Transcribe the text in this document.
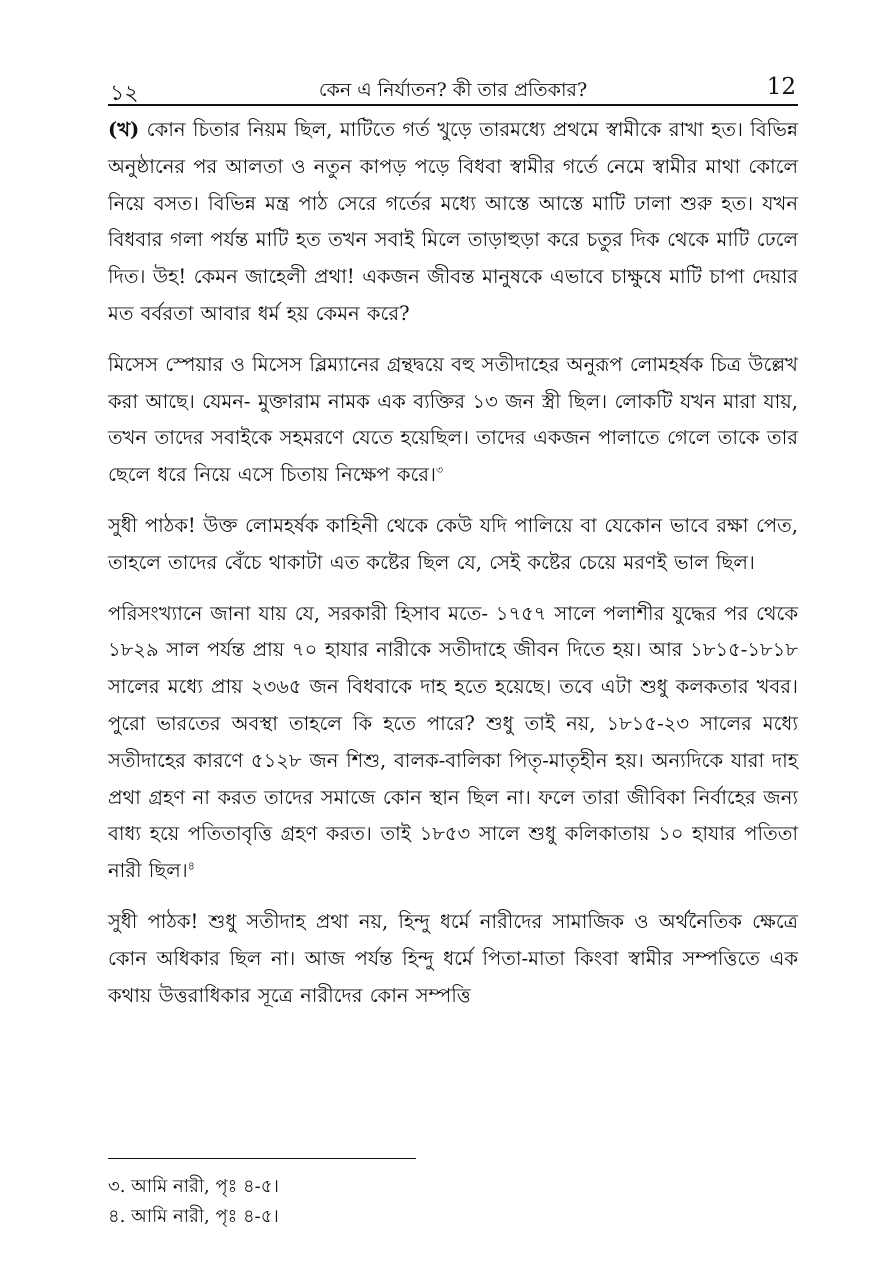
১২	কেন এ নির্যাতন? কী তার প্রতিকার?	12

(খ) কোন চিতার নিয়ম ছিল, মাটিতে গর্ত খুড়ে তারমধ্যে প্রথমে স্বামীকে রাখা হত। বিভিন্ন অনুষ্ঠানের পর আলতা ও নতুন কাপড় পড়ে বিধবা স্বামীর গর্তে নেমে স্বামীর মাথা কোলে নিয়ে বসত। বিভিন্ন মন্ত্র পাঠ সেরে গর্তের মধ্যে আস্তে আস্তে মাটি ঢালা শুরু হত। যখন বিধবার গলা পর্যন্ত মাটি হত তখন সবাই মিলে তাড়াহুড়া করে চতুর দিক থেকে মাটি ঢেলে দিত। উহ! কেমন জাহেলী প্রথা! একজন জীবন্ত মানুষকে এভাবে চাক্ষুষে মাটি চাপা দেয়ার মত বর্বরতা আবার ধর্ম হয় কেমন করে?

মিসেস স্পেয়ার ও মিসেস ব্লিম্যানের গ্রন্থদ্বয়ে বহু সতীদাহের অনুরূপ লোমহর্ষক চিত্র উল্লেখ করা আছে। যেমন- মুক্তারাম নামক এক ব্যক্তির ১৩ জন স্ত্রী ছিল। লোকটি যখন মারা যায়, তখন তাদের সবাইকে সহমরণে যেতে হয়েছিল। তাদের একজন পালাতে গেলে তাকে তার ছেলে ধরে নিয়ে এসে চিতায় নিক্ষেপ করে।$^৩$

সুধী পাঠক! উক্ত লোমহর্ষক কাহিনী থেকে কেউ যদি পালিয়ে বা যেকোন ভাবে রক্ষা পেত, তাহলে তাদের বেঁচে থাকাটা এত কষ্টের ছিল যে, সেই কষ্টের চেয়ে মরণই ভাল ছিল।

পরিসংখ্যানে জানা যায় যে, সরকারী হিসাব মতে- ১৭৫৭ সালে পলাশীর যুদ্ধের পর থেকে ১৮২৯ সাল পর্যন্ত প্রায় ৭০ হাযার নারীকে সতীদাহে জীবন দিতে হয়। আর ১৮১৫-১৮১৮ সালের মধ্যে প্রায় ২৩৬৫ জন বিধবাকে দাহ হতে হয়েছে। তবে এটা শুধু কলকতার খবর। পুরো ভারতের অবস্থা তাহলে কি হতে পারে? শুধু তাই নয়, ১৮১৫-২৩ সালের মধ্যে সতীদাহের কারণে ৫১২৮ জন শিশু, বালক-বালিকা পিতৃ-মাতৃহীন হয়। অন্যদিকে যারা দাহ প্রথা গ্রহণ না করত তাদের সমাজে কোন স্থান ছিল না। ফলে তারা জীবিকা নির্বাহের জন্য বাধ্য হয়ে পতিতাবৃত্তি গ্রহণ করত। তাই ১৮৫৩ সালে শুধু কলিকাতায় ১০ হাযার পতিতা নারী ছিল।$^৪$

সুধী পাঠক! শুধু সতীদাহ প্রথা নয়, হিন্দু ধর্মে নারীদের সামাজিক ও অর্থনৈতিক ক্ষেত্রে কোন অধিকার ছিল না। আজ পর্যন্ত হিন্দু ধর্মে পিতা-মাতা কিংবা স্বামীর সম্পত্তিতে এক কথায় উত্তরাধিকার সূত্রে নারীদের কোন সম্পত্তি

৩. আমি নারী, পৃঃ ৪-৫।

৪. আমি নারী, পৃঃ ৪-৫।
